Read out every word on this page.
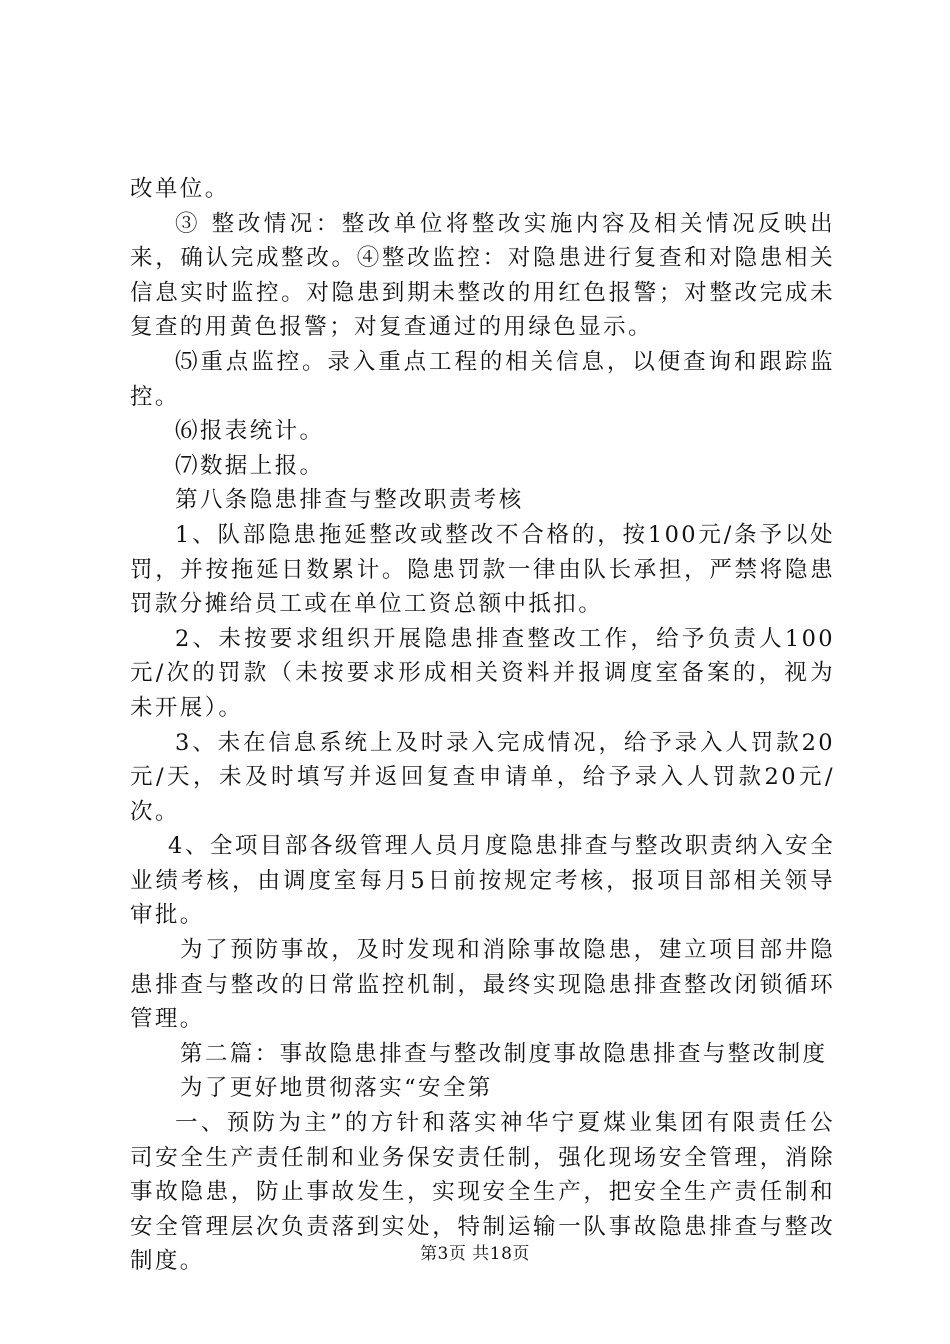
改单位。

③ 整改情况：整改单位将整改实施内容及相关情况反映出来，确认完成整改。④整改监控：对隐患进行复查和对隐患相关信息实时监控。对隐患到期未整改的用红色报警；对整改完成未复查的用黄色报警；对复查通过的用绿色显示。

⑸重点监控。录入重点工程的相关信息，以便查询和跟踪监控。

⑹报表统计。

⑺数据上报。

第八条隐患排查与整改职责考核

1、队部隐患拖延整改或整改不合格的，按100元/条予以处罚，并按拖延日数累计。隐患罚款一律由队长承担，严禁将隐患罚款分摊给员工或在单位工资总额中抵扣。

2、未按要求组织开展隐患排查整改工作，给予负责人100元/次的罚款（未按要求形成相关资料并报调度室备案的，视为未开展）。

3、未在信息系统上及时录入完成情况，给予录入人罚款20元/天，未及时填写并返回复查申请单，给予录入人罚款20元/次。

4、全项目部各级管理人员月度隐患排查与整改职责纳入安全业绩考核，由调度室每月5日前按规定考核，报项目部相关领导审批。

为了预防事故，及时发现和消除事故隐患，建立项目部井隐患排查与整改的日常监控机制，最终实现隐患排查整改闭锁循环管理。

第二篇：事故隐患排查与整改制度事故隐患排查与整改制度

为了更好地贯彻落实“安全第

一、预防为主”的方针和落实神华宁夏煤业集团有限责任公司安全生产责任制和业务保安责任制，强化现场安全管理，消除事故隐患，防止事故发生，实现安全生产，把安全生产责任制和安全管理层次负责落到实处，特制运输一队事故隐患排查与整改制度。	第3页 共18页
